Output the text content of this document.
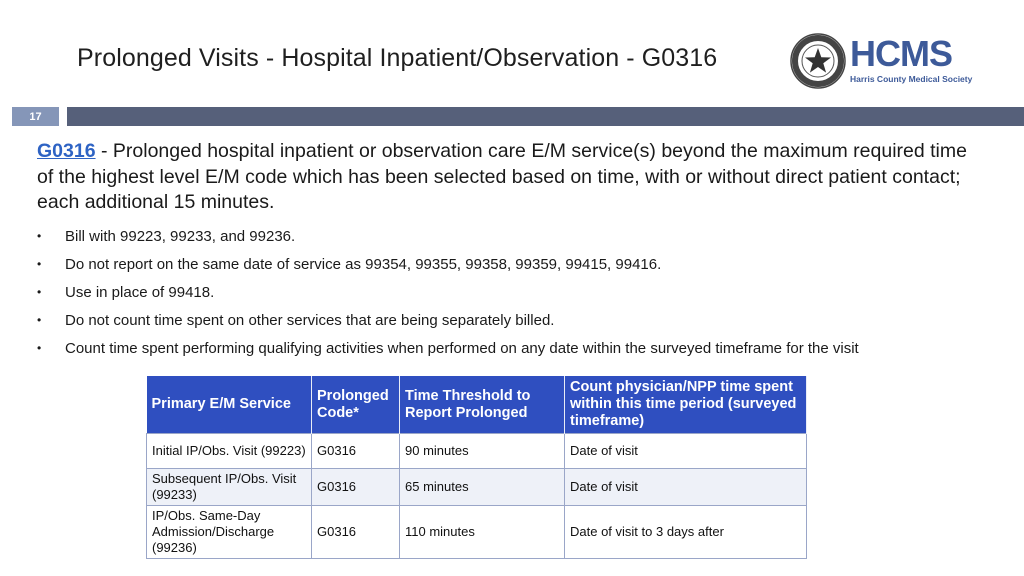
Prolonged Visits - Hospital Inpatient/Observation - G0316	HCMS
Harris County Medical Society
17
G0316 - Prolonged hospital inpatient or observation care E/M service(s) beyond the maximum required time of the highest level E/M code which has been selected based on time, with or without direct patient contact; each additional 15 minutes.
•	Bill with 99223, 99233, and 99236.
•	Do not report on the same date of service as 99354, 99355, 99358, 99359, 99415, 99416.
•	Use in place of 99418.
•	Do not count time spent on other services that are being separately billed.
•	Count time spent performing qualifying activities when performed on any date within the surveyed timeframe for the visit
Primary E/M Service	Prolonged Code*	Time Threshold to Report Prolonged	Count physician/NPP time spent within this time period (surveyed timeframe)
Initial IP/Obs. Visit (99223)	G0316	90 minutes	Date of visit
Subsequent IP/Obs. Visit (99233)	G0316	65 minutes	Date of visit
IP/Obs. Same-Day Admission/Discharge (99236)	G0316	110 minutes	Date of visit to 3 days after
